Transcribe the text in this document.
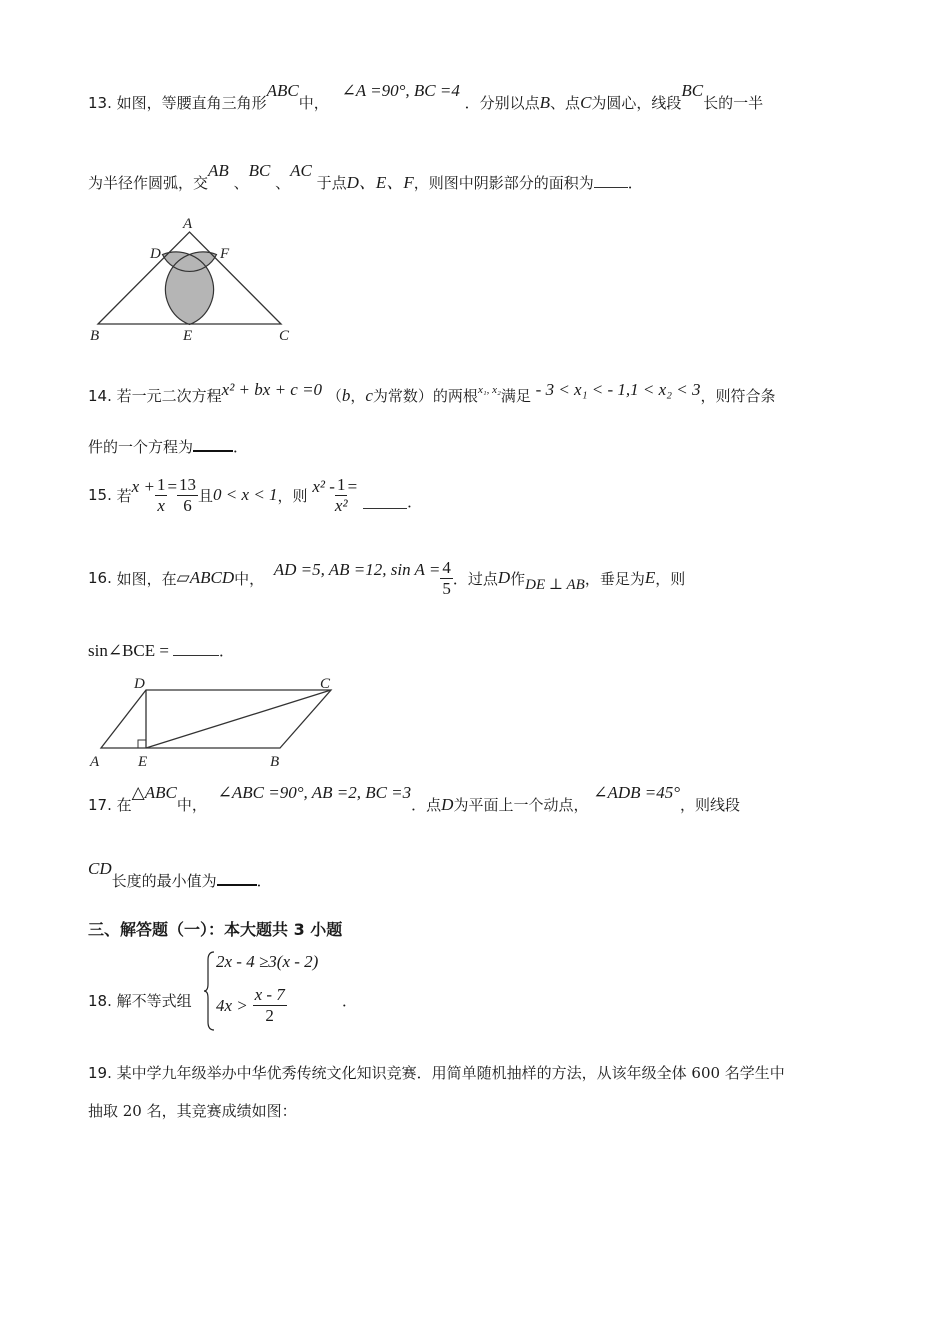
13. 如图，等腰直角三角形ABC中， ∠A =90°, BC =4 ．分别以点B、点C为圆心，线段BC长的一半
为半径作圆弧，交AB 、BC 、AC 于点D、E、F，则图中阴影部分的面积为 ．
A
D	F
B	E	C
14. 若一元二次方程x² + bx + c =0 （b，c为常数）的两根$^{x_1, x_2}$满足 - 3 < x₁ < - 1,1 < x₂ < 3，则符合条
件的一个方程为	．
15.
若 $x + \frac{1}{x} = \frac{13}{6}$ 且 0 < x < 1 ，则
$x^2 - \frac{1}{\text{x²}}$ =
．
16.
如图，在 ▱ABCD 中，
AD =5, AB =12, $\sin A = \frac{4}{5}$ ．过点 D 作 DE ⊥ AB ，垂足为 E ，则
sin∠BCE =	．
D	C
A	E	B
17. 在△ABC中， ∠ABC =90°, AB =2, BC =3．点D为平面上一个动点， ∠ADB =45°，则线段
CD长度的最小值为	．
三、解答题（一）：本大题共 3 小题
18. 解不等式组
2x - 4 ≥3(x - 2)
4x >
$\frac{x - 7}{2}$	．
19. 某中学九年级举办中华优秀传统文化知识竞赛．用简单随机抽样的方法，从该年级全体 600 名学生中
抽取 20 名，其竞赛成绩如图：
